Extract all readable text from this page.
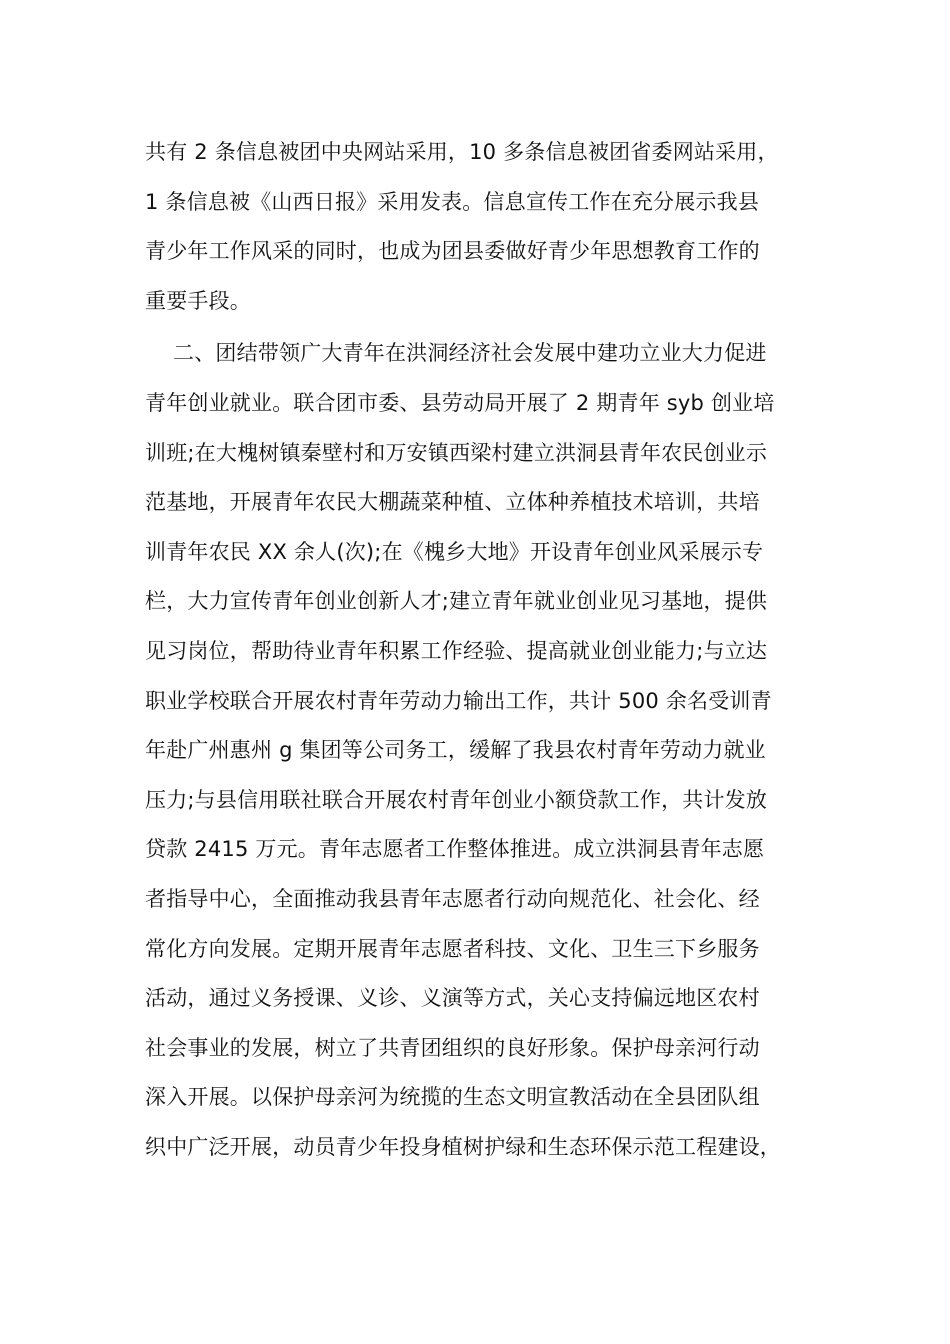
共有 2 条信息被团中央网站采用，10 多条信息被团省委网站采用，
1 条信息被《山西日报》采用发表。信息宣传工作在充分展示我县
青少年工作风采的同时，也成为团县委做好青少年思想教育工作的
重要手段。
二、团结带领广大青年在洪洞经济社会发展中建功立业大力促进
青年创业就业。联合团市委、县劳动局开展了 2 期青年 syb 创业培
训班;在大槐树镇秦壁村和万安镇西梁村建立洪洞县青年农民创业示
范基地，开展青年农民大棚蔬菜种植、立体种养植技术培训，共培
训青年农民 XX 余人(次);在《槐乡大地》开设青年创业风采展示专
栏，大力宣传青年创业创新人才;建立青年就业创业见习基地，提供
见习岗位，帮助待业青年积累工作经验、提高就业创业能力;与立达
职业学校联合开展农村青年劳动力输出工作，共计 500 余名受训青
年赴广州惠州 g 集团等公司务工，缓解了我县农村青年劳动力就业
压力;与县信用联社联合开展农村青年创业小额贷款工作，共计发放
贷款 2415 万元。青年志愿者工作整体推进。成立洪洞县青年志愿
者指导中心，全面推动我县青年志愿者行动向规范化、社会化、经
常化方向发展。定期开展青年志愿者科技、文化、卫生三下乡服务
活动，通过义务授课、义诊、义演等方式，关心支持偏远地区农村
社会事业的发展，树立了共青团组织的良好形象。保护母亲河行动
深入开展。以保护母亲河为统揽的生态文明宣教活动在全县团队组
织中广泛开展，动员青少年投身植树护绿和生态环保示范工程建设，
